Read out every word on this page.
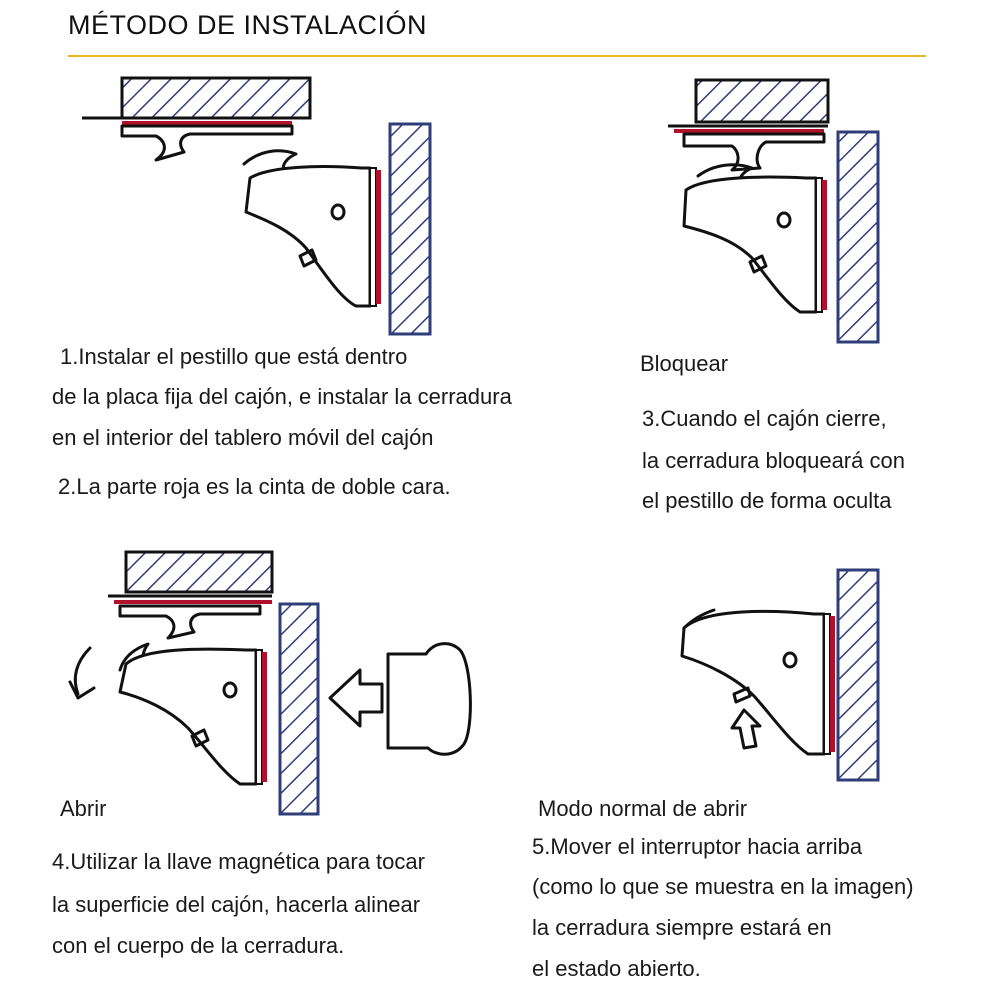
MÉTODO DE INSTALACIÓN
1.Instalar el pestillo que está dentro
de la placa fija del cajón, e instalar la cerradura
en el interior del tablero móvil del cajón
2.La parte roja es la cinta de doble cara.
Bloquear
3.Cuando el cajón cierre,
la cerradura bloqueará con
el pestillo de forma oculta
Abrir
4.Utilizar la llave magnética para tocar
la superficie del cajón, hacerla alinear
con el cuerpo de la cerradura.
Modo normal de abrir
5.Mover el interruptor hacia arriba
(como lo que se muestra en la imagen)
la cerradura siempre estará en
el estado abierto.
